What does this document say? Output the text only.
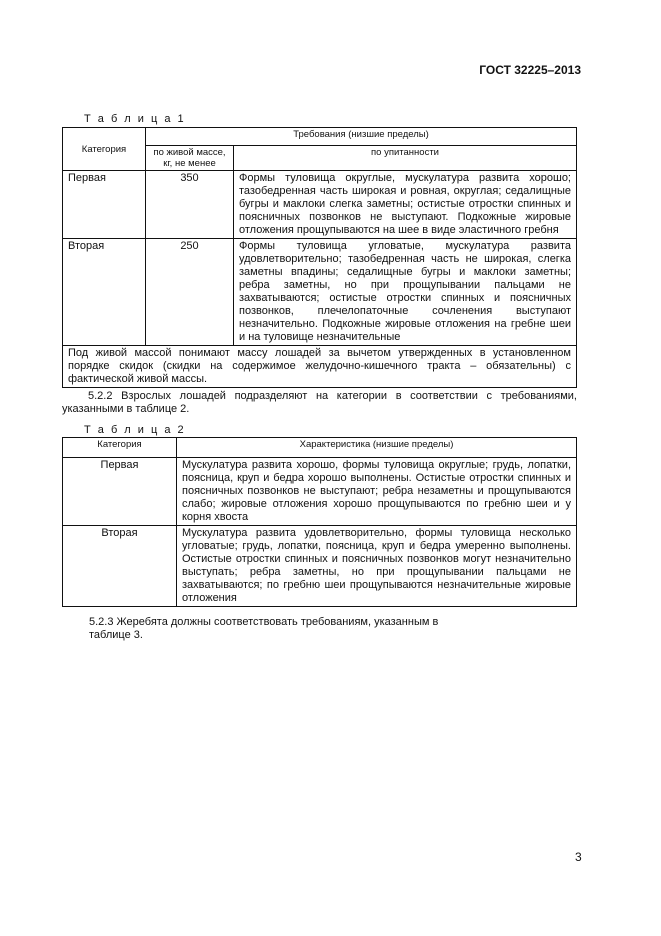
ГОСТ 32225–2013
Т а б л и ц а 1
Категория	Требования (низшие пределы)	
	по живой массе, кг, не менее	по упитанности
Первая	350	Формы туловища округлые, мускулатура развита хорошо; тазобедренная часть широкая и ровная, округлая; седалищные бугры и маклоки слегка заметны; остистые отростки спинных и поясничных позвонков не выступают. Подкожные жировые отложения прощупываются на шее в виде эластичного гребня
Вторая	250	Формы туловища угловатые, мускулатура развита удовлетворительно; тазобедренная часть не широкая, слегка заметны впадины; седалищные бугры и маклоки заметны; ребра заметны, но при прощупывании пальцами не захватываются; остистые отростки спинных и поясничных позвонков, плечелопаточные сочленения выступают незначительно. Подкожные жировые отложения на гребне шеи и на туловище незначительные
Под живой массой понимают массу лошадей за вычетом утвержденных в установленном порядке скидок (скидки на содержимое желудочно-кишечного тракта – обязательны) с фактической живой массы.		
5.2.2 Взрослых лошадей подразделяют на категории в соответствии с требованиями, указанными в таблице 2.
Т а б л и ц а 2
Категория	Характеристика (низшие пределы)
Первая	Мускулатура развита хорошо, формы туловища округлые; грудь, лопатки, поясница, круп и бедра хорошо выполнены. Остистые отростки спинных и поясничных позвонков не выступают; ребра незаметны и прощупываются слабо; жировые отложения хорошо прощупываются по гребню шеи и у корня хвоста
Вторая	Мускулатура развита удовлетворительно, формы туловища несколько угловатые; грудь, лопатки, поясница, круп и бедра умеренно выполнены. Остистые отростки спинных и поясничных позвонков могут незначительно выступать; ребра заметны, но при прощупывании пальцами не захватываются; по гребню шеи прощупываются незначительные жировые отложения
5.2.3 Жеребята должны соответствовать требованиям, указанным в таблице 3.
3
